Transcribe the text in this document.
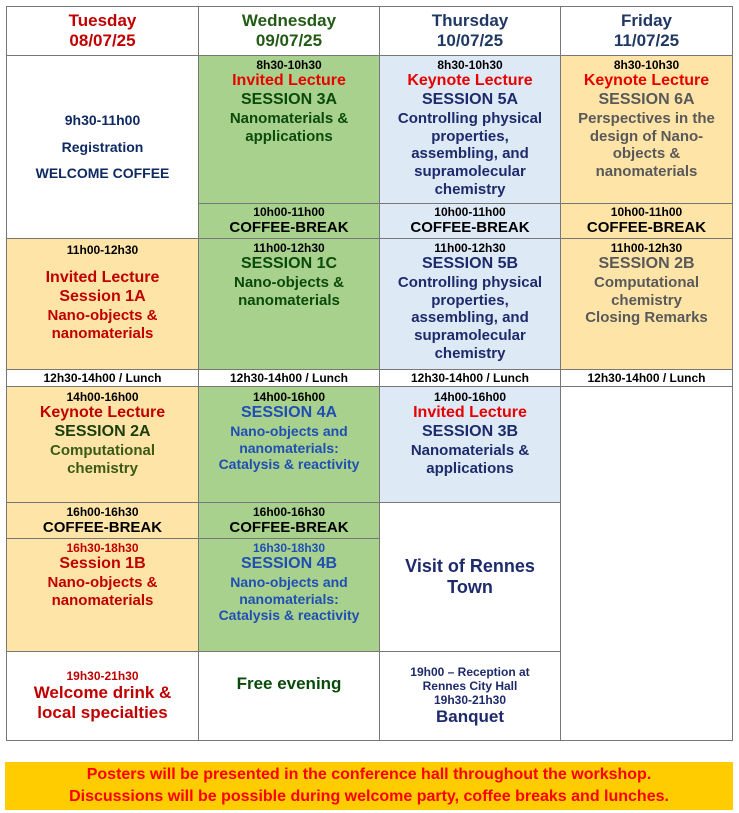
Tuesday
08/07/25
Wednesday
09/07/25
Thursday
10/07/25
Friday
11/07/25
9h30-11h00
Registration
WELCOME COFFEE
11h00-12h30
Invited Lecture
Session 1A
Nano-objects & nanomaterials
12h30-14h00 / Lunch
14h00-16h00
Keynote Lecture
SESSION 2A
Computational chemistry
16h00-16h30
COFFEE-BREAK
16h30-18h30
Session 1B
Nano-objects & nanomaterials
19h30-21h30
Welcome drink & local specialties
8h30-10h30
Invited Lecture
SESSION 3A
Nanomaterials & applications
10h00-11h00
COFFEE-BREAK
11h00-12h30
SESSION 1C
Nano-objects & nanomaterials
12h30-14h00 / Lunch
14h00-16h00
SESSION 4A
Nano-objects and nanomaterials: Catalysis & reactivity
16h00-16h30
COFFEE-BREAK
16h30-18h30
SESSION 4B
Nano-objects and nanomaterials: Catalysis & reactivity
Free evening
8h30-10h30
Keynote Lecture
SESSION 5A
Controlling physical properties, assembling, and supramolecular chemistry
10h00-11h00
COFFEE-BREAK
11h00-12h30
SESSION 5B
Controlling physical properties, assembling, and supramolecular chemistry
12h30-14h00 / Lunch
14h00-16h00
Invited Lecture
SESSION 3B
Nanomaterials & applications
Visit of Rennes Town
19h00 – Reception at Rennes City Hall
19h30-21h30
Banquet
8h30-10h30
Keynote Lecture
SESSION 6A
Perspectives in the design of Nano-objects & nanomaterials
10h00-11h00
COFFEE-BREAK
11h00-12h30
SESSION 2B
Computational chemistry
Closing Remarks
12h30-14h00 / Lunch
Posters will be presented in the conference hall throughout the workshop.
Discussions will be possible during welcome party, coffee breaks and lunches.
